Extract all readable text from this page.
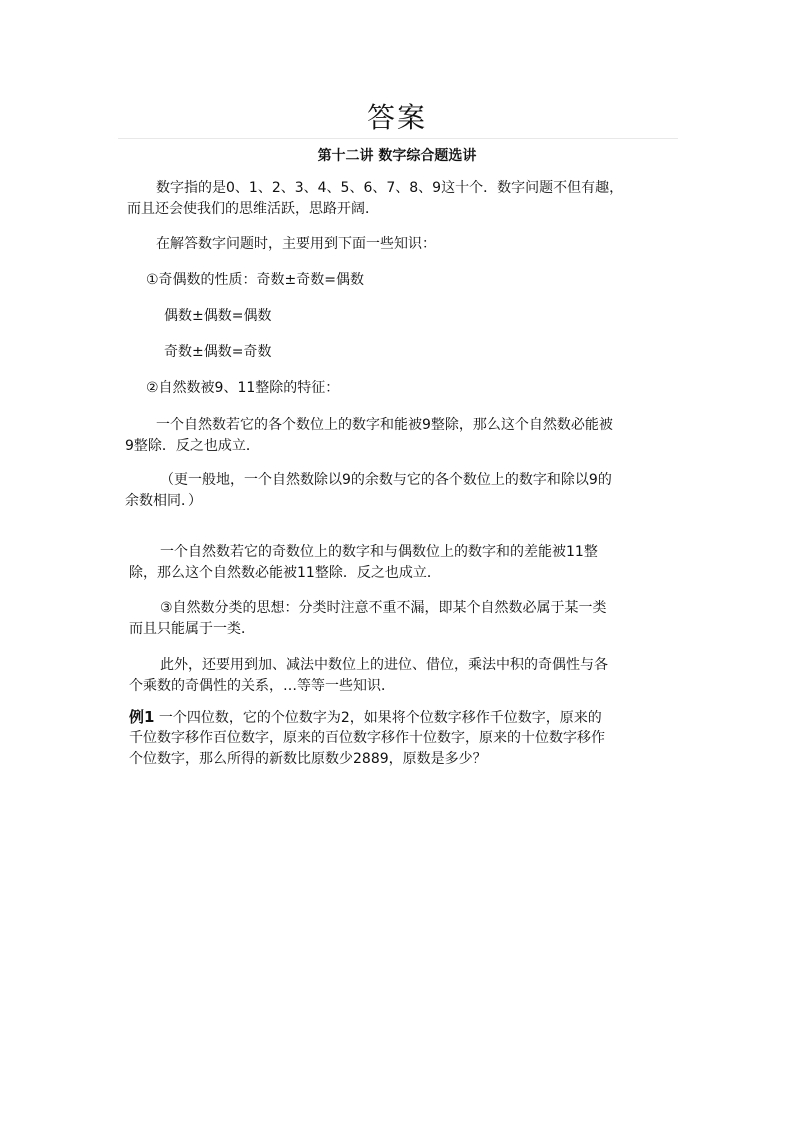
答案
第十二讲 数字综合题选讲

数字指的是0、1、2、3、4、5、6、7、8、9这十个．数字问题不但有趣，

而且还会使我们的思维活跃，思路开阔．

在解答数字问题时，主要用到下面一些知识：

①奇偶数的性质：奇数±奇数=偶数

偶数±偶数=偶数

奇数±偶数=奇数

②自然数被9、11整除的特征：

一个自然数若它的各个数位上的数字和能被9整除，那么这个自然数必能被

9整除．反之也成立．

（更一般地，一个自然数除以9的余数与它的各个数位上的数字和除以9的

余数相同．）

一个自然数若它的奇数位上的数字和与偶数位上的数字和的差能被11整

除，那么这个自然数必能被11整除．反之也成立．

③自然数分类的思想：分类时注意不重不漏，即某个自然数必属于某一类

而且只能属于一类．

此外，还要用到加、减法中数位上的进位、借位，乘法中积的奇偶性与各

个乘数的奇偶性的关系，…等等一些知识．

例1 一个四位数，它的个位数字为2，如果将个位数字移作千位数字，原来的

千位数字移作百位数字，原来的百位数字移作十位数字，原来的十位数字移作

个位数字，那么所得的新数比原数少2889，原数是多少？
